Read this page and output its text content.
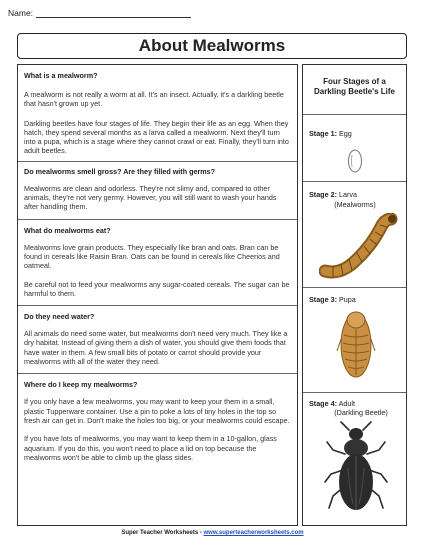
Name:
About Mealworms

What is a mealworm?

A mealworm is not really a worm at all. It's an insect. Actually, it's a darkling beetle that hasn't grown up yet.

Darkling beetles have four stages of life. They begin their life as an egg. When they hatch, they spend several months as a larva called a mealworm. Next they'll turn into a pupa, which is a stage where they cannot crawl or eat. Finally, they'll turn into adult beetles.

Do mealworms smell gross? Are they filled with germs?

Mealworms are clean and odorless. They're not slimy and, compared to other animals, they're not very germy. However, you will still want to wash your hands after handling them.

What do mealworms eat?

Mealworms love grain products. They especially like bran and oats. Bran can be found in cereals like Raisin Bran. Oats can be found in cereals like Cheerios and oatmeal.

Be careful not to feed your mealworms any sugar-coated cereals. The sugar can be harmful to them.

Do they need water?

All animals do need some water, but mealworms don't need very much. They like a dry habitat. Instead of giving them a dish of water, you should give them foods that have water in them. A few small bits of potato or carrot should provide your mealworms with all of the water they need.

Where do I keep my mealworms?

If you only have a few mealworms, you may want to keep your them in a small, plastic Tupperware container. Use a pin to poke a lots of tiny holes in the top so fresh air can get in. Don't make the holes too big, or your mealworms could escape.

If you have lots of mealworms, you may want to keep them in a 10-gallon, glass aquarium. If you do this, you won't need to place a lid on top because the mealworms won't be able to climb up the glass sides.

Four Stages of a
Darkling Beetle's Life
Stage 1: Egg
Stage 2: Larva
(Mealworms)
Stage 3: Pupa
Stage 4: Adult
(Darkling Beetle)
Super Teacher Worksheets - www.superteacherworksheets.com
